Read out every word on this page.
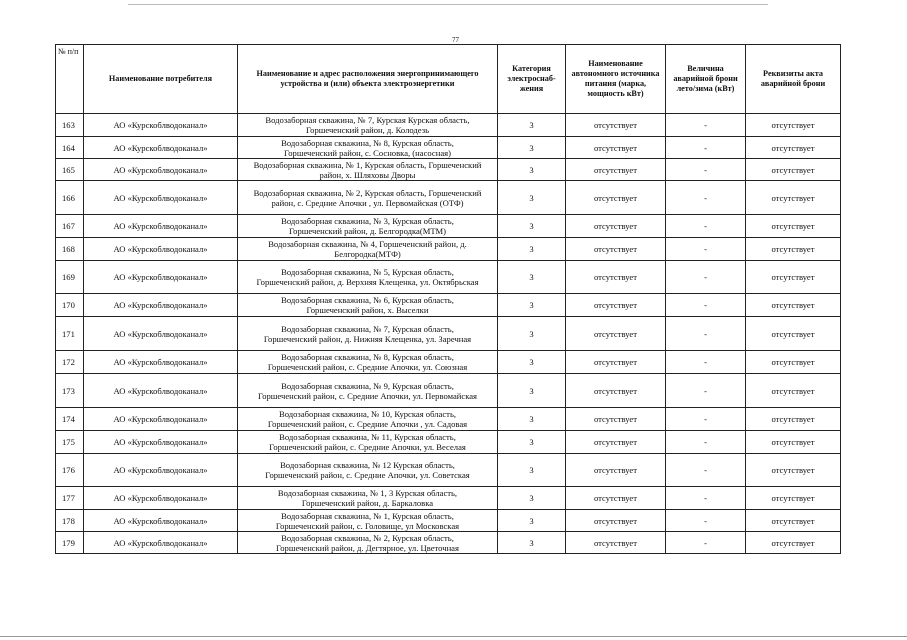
77
№ п/п	Наименование потребителя	Наименование и адрес расположения энергопринимающего устройства и (или) объекта электроэнергетики	Категория электроснаб-жения	Наименование автономного источника питания (марка, мощность кВт)	Величина аварийной брони лето/зима (кВт)	Реквизиты акта аварийной брони
163	АО «Курскоблводоканал»	Водозаборная скважина, № 7, Курская Курская область,
Горшеченский район, д. Колодезь	3	отсутствует	-	отсутствует
164	АО «Курскоблводоканал»	Водозаборная скважина, № 8, Курская область,
Горшеченский район, с. Сосновка, (насосная)	3	отсутствует	-	отсутствует
165	АО «Курскоблводоканал»	Водозаборная скважина, № 1, Курская область, Горшеченский
район, х. Шляховы Дворы	3	отсутствует	-	отсутствует
166	АО «Курскоблводоканал»	Водозаборная скважина, № 2, Курская область, Горшеченский
район, с. Средние Апочки , ул. Первомайская (ОТФ)	3	отсутствует	-	отсутствует
167	АО «Курскоблводоканал»	Водозаборная скважина, № 3, Курская область,
Горшеченский район, д. Белгородка(МТМ)	3	отсутствует	-	отсутствует
168	АО «Курскоблводоканал»	Водозаборная скважина, № 4, Горшеченский район, д.
Белгородка(МТФ)	3	отсутствует	-	отсутствует
169	АО «Курскоблводоканал»	Водозаборная скважина, № 5, Курская область,
Горшеченский район, д. Верхняя Клещенка, ул. Октябрьская	3	отсутствует	-	отсутствует
170	АО «Курскоблводоканал»	Водозаборная скважина, № 6, Курская область,
Горшеченский район, х. Выселки	3	отсутствует	-	отсутствует
171	АО «Курскоблводоканал»	Водозаборная скважина, № 7, Курская область,
Горшеченский район, д. Нижняя Клещенка, ул. Заречная	3	отсутствует	-	отсутствует
172	АО «Курскоблводоканал»	Водозаборная скважина, № 8, Курская область,
Горшеченский район, с. Средние Апочки, ул. Союзная	3	отсутствует	-	отсутствует
173	АО «Курскоблводоканал»	Водозаборная скважина, № 9, Курская область,
Горшеченский район, с. Средние Апочки, ул. Первомайская	3	отсутствует	-	отсутствует
174	АО «Курскоблводоканал»	Водозаборная скважина, № 10, Курская область,
Горшеченский район, с. Средние Апочки , ул. Садовая	3	отсутствует	-	отсутствует
175	АО «Курскоблводоканал»	Водозаборная скважина, № 11, Курская область,
Горшеченский район, с. Средние Апочки, ул. Веселая	3	отсутствует	-	отсутствует
176	АО «Курскоблводоканал»	Водозаборная скважина, № 12 Курская область,
Горшеченский район, с. Средние Апочки, ул. Советская	3	отсутствует	-	отсутствует
177	АО «Курскоблводоканал»	Водозаборная скважина, № 1, 3 Курская область,
Горшеченский район, д. Баркаловка	3	отсутствует	-	отсутствует
178	АО «Курскоблводоканал»	Водозаборная скважина, № 1, Курская область,
Горшеченский район, с. Головище, ул Московская	3	отсутствует	-	отсутствует
179	АО «Курскоблводоканал»	Водозаборная скважина, № 2, Курская область,
Горшеченский район, д. Дегтярное, ул. Цветочная	3	отсутствует	-	отсутствует
